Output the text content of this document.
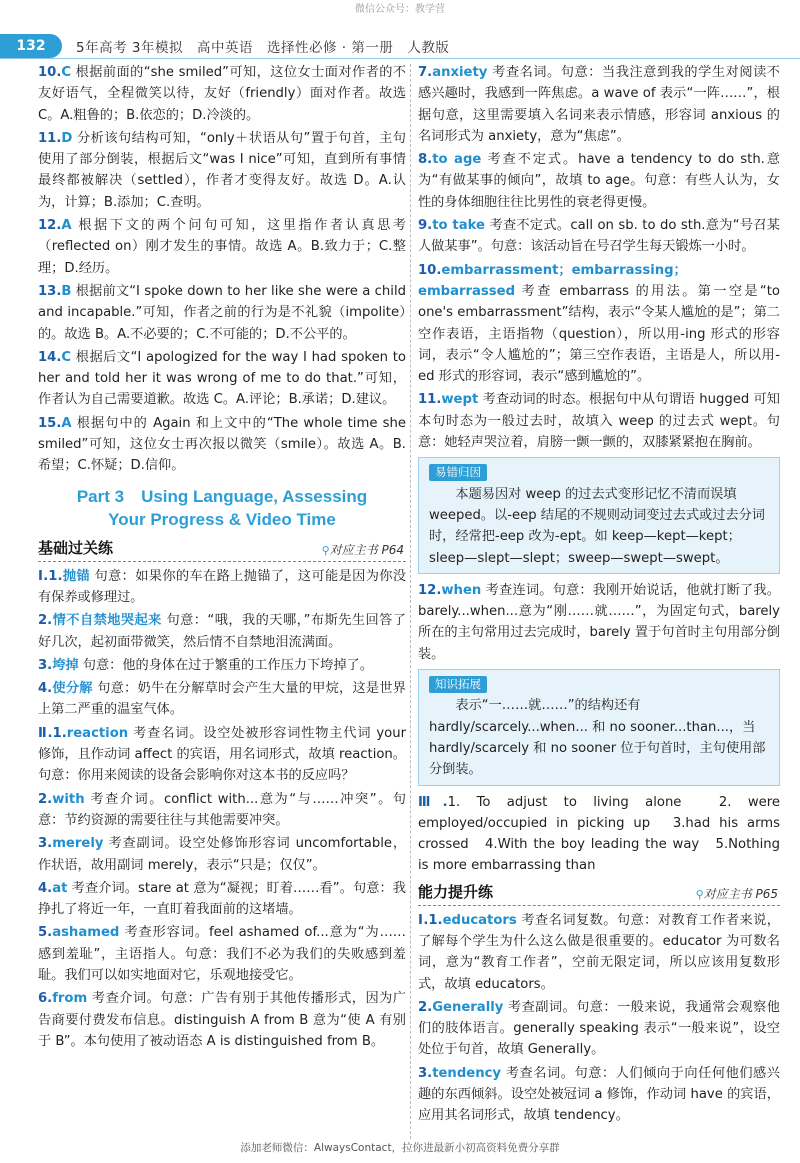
微信公众号：教学营
132	5年高考 3年模拟　高中英语　选择性必修 · 第一册　人教版
10.C 根据前面的“she smiled”可知，这位女士面对作者的不友好语气，全程微笑以待，友好（friendly）面对作者。故选 C。A.粗鲁的；B.依恋的；D.冷淡的。
11.D 分析该句结构可知，“only＋状语从句”置于句首，主句使用了部分倒装，根据后文“was I nice”可知，直到所有事情最终都被解决（settled），作者才变得友好。故选 D。A.认为，计算；B.添加；C.查明。
12.A 根据下文的两个问句可知，这里指作者认真思考（reflected on）刚才发生的事情。故选 A。B.致力于；C.整理；D.经历。
13.B 根据前文“I spoke down to her like she were a child and incapable.”可知，作者之前的行为是不礼貌（impolite）的。故选 B。A.不必要的；C.不可能的；D.不公平的。
14.C 根据后文“I apologized for the way I had spoken to her and told her it was wrong of me to do that.”可知，作者认为自己需要道歉。故选 C。A.评论；B.承诺；D.建议。
15.A 根据句中的 Again 和上文中的“The whole time she smiled”可知，这位女士再次报以微笑（smile）。故选 A。B.希望；C.怀疑；D.信仰。
Part 3　Using Language, Assessing
Your Progress & Video Time
基础过关练	⚲对应主书 P64
Ⅰ.1.抛锚 句意：如果你的车在路上抛锚了，这可能是因为你没有保养或修理过。
2.情不自禁地哭起来 句意：“哦，我的天哪，”布斯先生回答了好几次，起初面带微笑，然后情不自禁地泪流满面。
3.垮掉 句意：他的身体在过于繁重的工作压力下垮掉了。
4.使分解 句意：奶牛在分解草时会产生大量的甲烷，这是世界上第二严重的温室气体。
Ⅱ.1.reaction 考查名词。设空处被形容词性物主代词 your 修饰，且作动词 affect 的宾语，用名词形式，故填 reaction。句意：你用来阅读的设备会影响你对这本书的反应吗？
2.with 考查介词。conflict with...意为“与……冲突”。句意：节约资源的需要往往与其他需要冲突。
3.merely 考查副词。设空处修饰形容词 uncomfortable，作状语，故用副词 merely，表示“只是；仅仅”。
4.at 考查介词。stare at 意为“凝视；盯着……看”。句意：我挣扎了将近一年，一直盯着我面前的这堵墙。
5.ashamed 考查形容词。feel ashamed of...意为“为……感到羞耻”，主语指人。句意：我们不必为我们的失败感到羞耻。我们可以如实地面对它，乐观地接受它。
6.from 考查介词。句意：广告有别于其他传播形式，因为广告商要付费发布信息。distinguish A from B 意为“使 A 有别于 B”。本句使用了被动语态 A is distinguished from B。
7.anxiety 考查名词。句意：当我注意到我的学生对阅读不感兴趣时，我感到一阵焦虑。a wave of 表示“一阵……”，根据句意，这里需要填入名词来表示情感，形容词 anxious 的名词形式为 anxiety，意为“焦虑”。
8.to age 考查不定式。have a tendency to do sth.意为“有做某事的倾向”，故填 to age。句意：有些人认为，女性的身体细胞往往比男性的衰老得更慢。
9.to take 考查不定式。call on sb. to do sth.意为“号召某人做某事”。句意：该活动旨在号召学生每天锻炼一小时。
10.embarrassment；embarrassing；embarrassed 考查 embarrass 的用法。第一空是“to one's embarrassment”结构，表示“令某人尴尬的是”；第二空作表语，主语指物（question），所以用-ing 形式的形容词，表示“令人尴尬的”；第三空作表语，主语是人，所以用-ed 形式的形容词，表示“感到尴尬的”。
11.wept 考查动词的时态。根据句中从句谓语 hugged 可知本句时态为一般过去时，故填入 weep 的过去式 wept。句意：她轻声哭泣着，肩膀一颤一颤的，双膝紧紧抱在胸前。
易错归因
本题易因对 weep 的过去式变形记忆不清而误填 weeped。以-eep 结尾的不规则动词变过去式或过去分词时，经常把-eep 改为-ept。如 keep—kept—kept；sleep—slept—slept；sweep—swept—swept。
12.when 考查连词。句意：我刚开始说话，他就打断了我。barely...when...意为“刚……就……”，为固定句式，barely 所在的主句常用过去完成时，barely 置于句首时主句用部分倒装。
知识拓展
表示“一……就……”的结构还有 hardly/scarcely...when... 和 no sooner...than...，当 hardly/scarcely 和 no sooner 位于句首时，主句使用部分倒装。
Ⅲ.1. To adjust to living alone　2. were employed/occupied in picking up　3.had his arms crossed　4.With the boy leading the way　5.Nothing is more embarrassing than
能力提升练	⚲对应主书 P65
Ⅰ.1.educators 考查名词复数。句意：对教育工作者来说，了解每个学生为什么这么做是很重要的。educator 为可数名词，意为“教育工作者”，空前无限定词，所以应该用复数形式，故填 educators。
2.Generally 考查副词。句意：一般来说，我通常会观察他们的肢体语言。generally speaking 表示“一般来说”，设空处位于句首，故填 Generally。
3.tendency 考查名词。句意：人们倾向于向任何他们感兴趣的东西倾斜。设空处被冠词 a 修饰，作动词 have 的宾语，应用其名词形式，故填 tendency。
添加老师微信：AlwaysContact，拉你进最新小初高资料免费分享群
